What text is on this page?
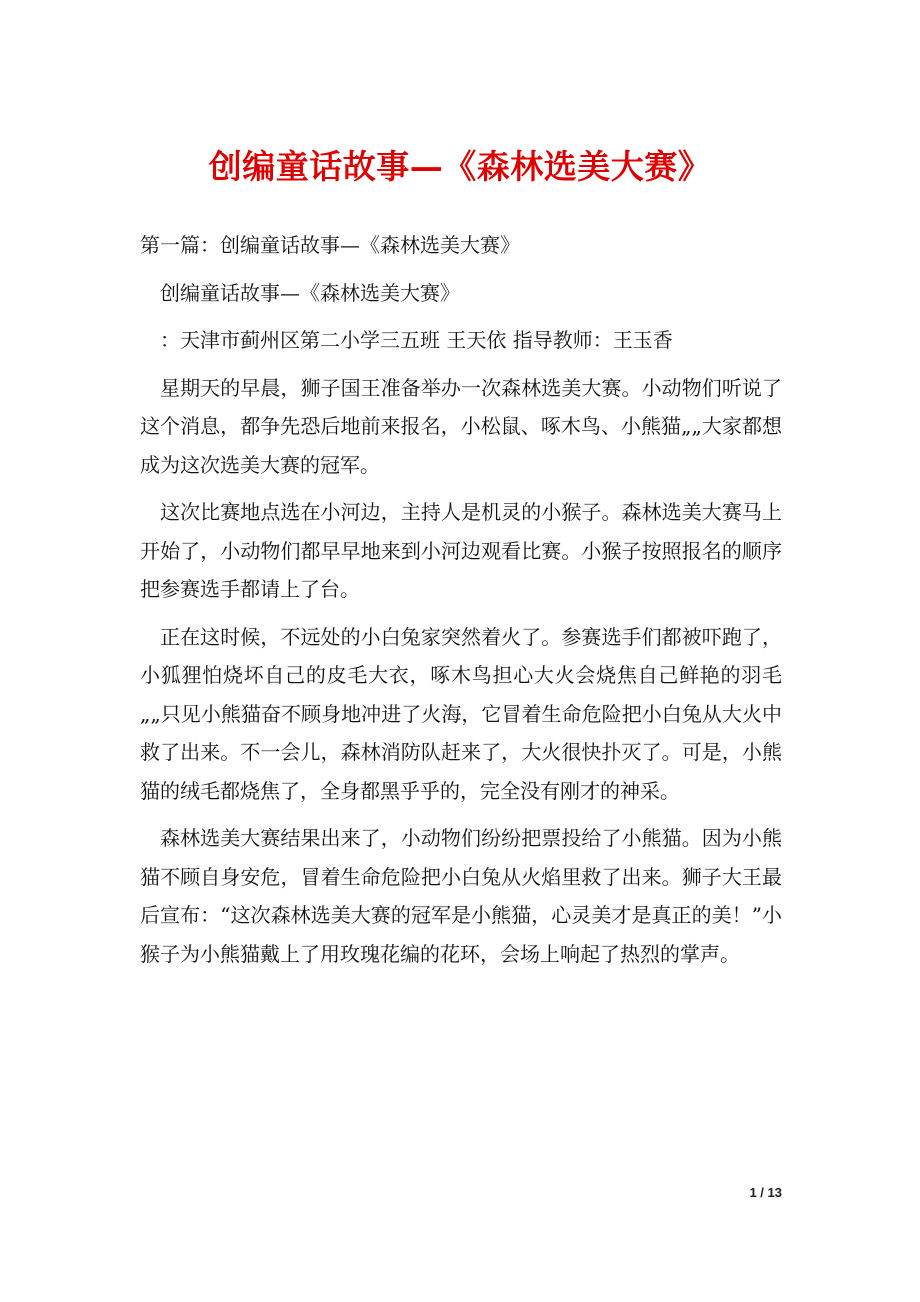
创编童话故事—《森林选美大赛》

第一篇：创编童话故事—《森林选美大赛》

创编童话故事—《森林选美大赛》

：天津市蓟州区第二小学三五班 王天依 指导教师：王玉香

星期天的早晨，狮子国王准备举办一次森林选美大赛。小动物们听说了这个消息，都争先恐后地前来报名，小松鼠、啄木鸟、小熊猫„„大家都想成为这次选美大赛的冠军。

这次比赛地点选在小河边，主持人是机灵的小猴子。森林选美大赛马上开始了，小动物们都早早地来到小河边观看比赛。小猴子按照报名的顺序把参赛选手都请上了台。

正在这时候，不远处的小白兔家突然着火了。参赛选手们都被吓跑了，小狐狸怕烧坏自己的皮毛大衣，啄木鸟担心大火会烧焦自己鲜艳的羽毛„„只见小熊猫奋不顾身地冲进了火海，它冒着生命危险把小白兔从大火中救了出来。不一会儿，森林消防队赶来了，大火很快扑灭了。可是，小熊猫的绒毛都烧焦了，全身都黑乎乎的，完全没有刚才的神采。

森林选美大赛结果出来了，小动物们纷纷把票投给了小熊猫。因为小熊猫不顾自身安危，冒着生命危险把小白兔从火焰里救了出来。狮子大王最后宣布：“这次森林选美大赛的冠军是小熊猫，心灵美才是真正的美！”小猴子为小熊猫戴上了用玫瑰花编的花环，会场上响起了热烈的掌声。

1 / 13
